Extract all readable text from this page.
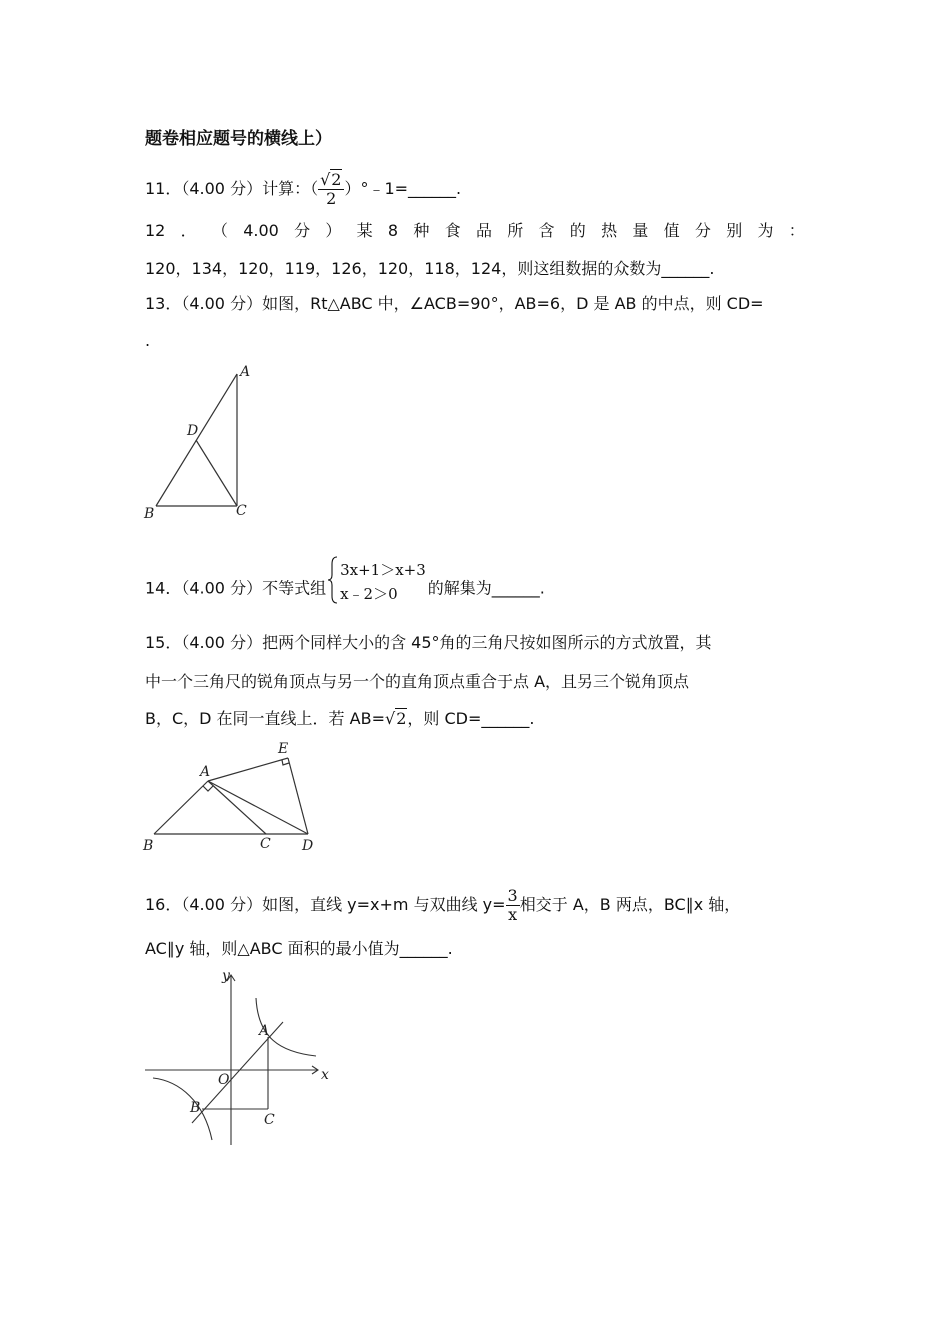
题卷相应题号的横线上）
11．（4.00 分）计算：（ $\frac{√2}{2}$ ）°﹣1=______.
12 ． （ 4.00 分 ） 某 8 种 食 品 所 含 的 热 量 值 分 别 为 ：
120，134，120，119，126，120，118，124，则这组数据的众数为______.
13．（4.00 分）如图，Rt△ABC 中，∠ACB=90°，AB=6，D 是 AB 的中点，则 CD=
.
A
D
B	C
14．（4.00 分）不等式组
3x+1＞x+3
x﹣2＞0	的解集为______.
15．（4.00 分）把两个同样大小的含 45°角的三角尺按如图所示的方式放置，其
中一个三角尺的锐角顶点与另一个的直角顶点重合于点 A，且另三个锐角顶点
B，C，D 在同一直线上．若 AB=√2，则 CD=______.
A
E
B	C D
16．（4.00 分）如图，直线 y=x+m 与双曲线 $y= \frac{3}{x}$ 相交于 A，B 两点，BC∥x 轴，
AC∥y 轴，则△ABC 面积的最小值为______.
y
x
O
A
B
C
